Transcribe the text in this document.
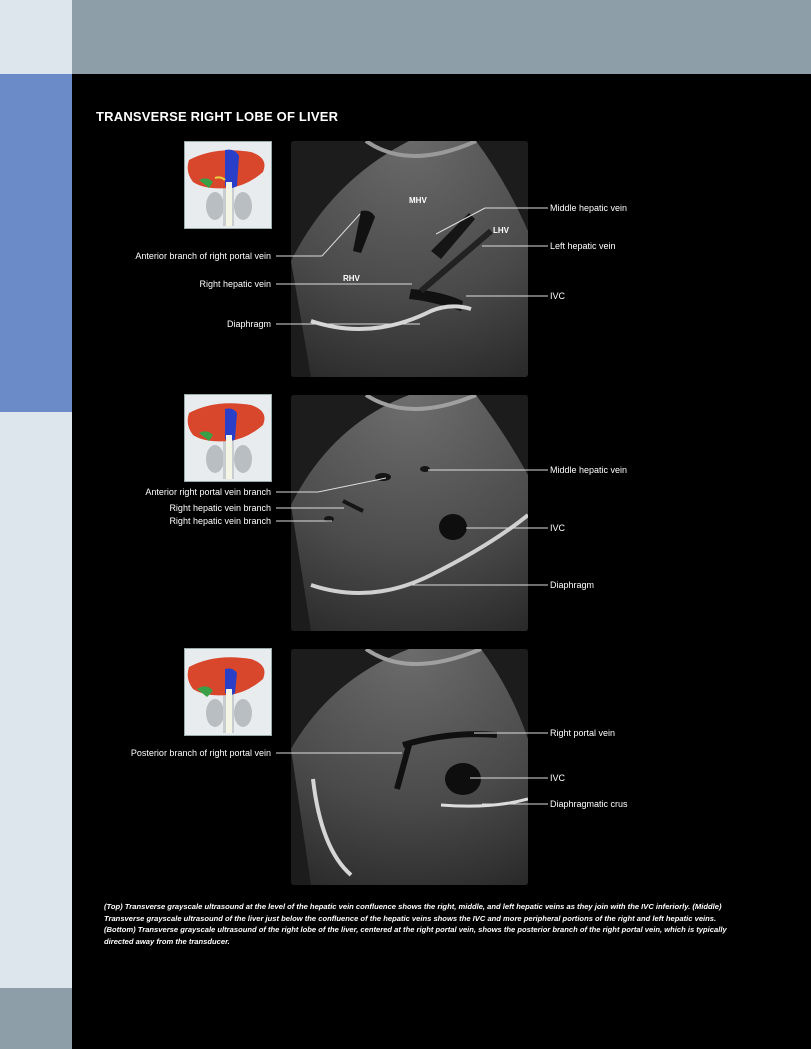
TRANSVERSE RIGHT LOBE OF LIVER
MHV
LHV
RHV
Anterior branch of right portal vein
Right hepatic vein
Diaphragm
Middle hepatic vein
Left hepatic vein
IVC
Anterior right portal vein branch
Right hepatic vein branch
Right hepatic vein branch
Middle hepatic vein
IVC
Diaphragm
Posterior branch of right portal vein
Right portal vein
IVC
Diaphragmatic crus
(Top) Transverse grayscale ultrasound at the level of the hepatic vein confluence shows the right, middle, and left hepatic veins as they join with the IVC inferiorly. (Middle) Transverse grayscale ultrasound of the liver just below the confluence of the hepatic veins shows the IVC and more peripheral portions of the right and left hepatic veins. (Bottom) Transverse grayscale ultrasound of the right lobe of the liver, centered at the right portal vein, shows the posterior branch of the right portal vein, which is typically directed away from the transducer.
